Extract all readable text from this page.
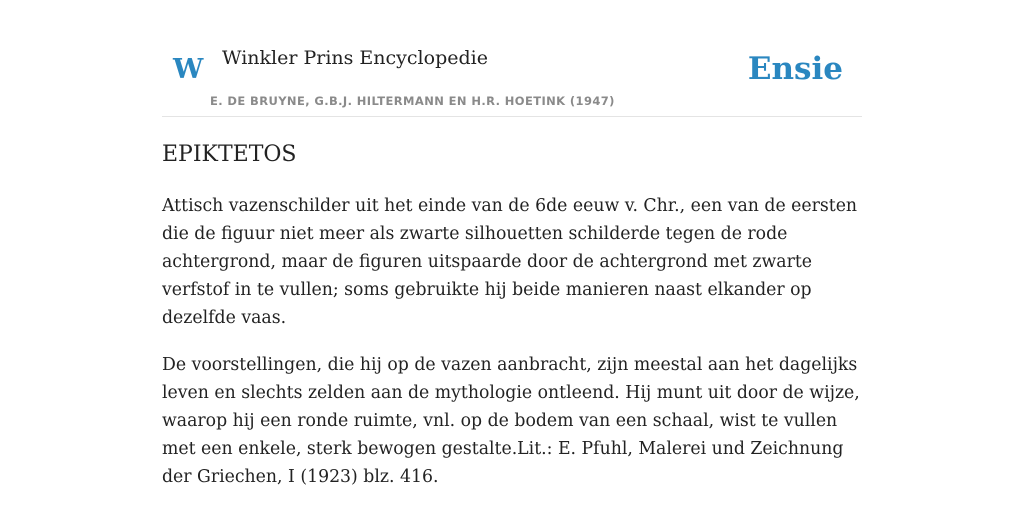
W Winkler Prins Encyclopedie
E. DE BRUYNE, G.B.J. HILTERMANN EN H.R. HOETINK (1947)
Ensie
EPIKTETOS

Attisch vazenschilder uit het einde van de 6de eeuw v. Chr., een van de eersten die de figuur niet meer als zwarte silhouetten schilderde tegen de rode achtergrond, maar de figuren uitspaarde door de achtergrond met zwarte verfstof in te vullen; soms gebruikte hij beide manieren naast elkander op dezelfde vaas.

De voorstellingen, die hij op de vazen aanbracht, zijn meestal aan het dagelijks leven en slechts zelden aan de mythologie ontleend. Hij munt uit door de wijze, waarop hij een ronde ruimte, vnl. op de bodem van een schaal, wist te vullen met een enkele, sterk bewogen gestalte.Lit.: E. Pfuhl, Malerei und Zeichnung der Griechen, I (1923) blz. 416.
